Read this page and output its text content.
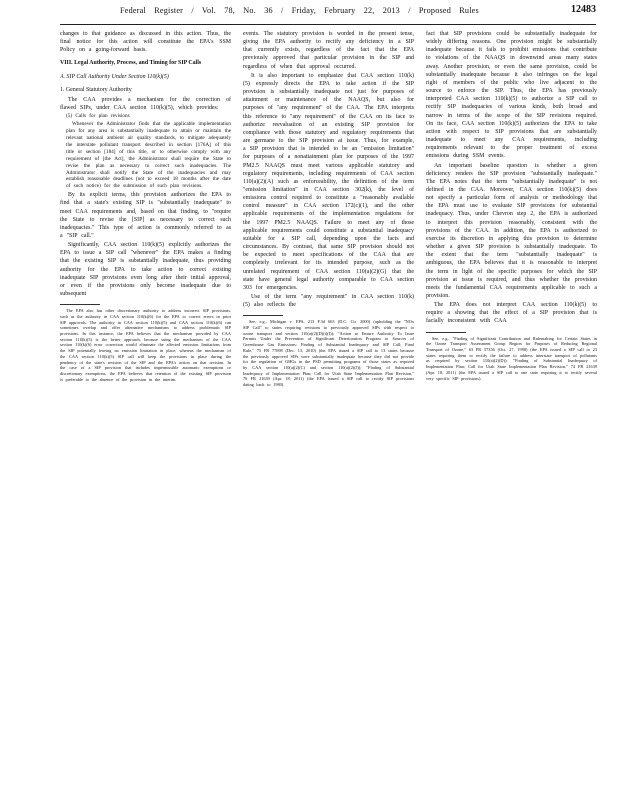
Federal Register / Vol. 78, No. 36 / Friday, February 22, 2013 / Proposed Rules	12483

changes to that guidance as discussed in this action. Thus, the final notice for this action will constitute the EPA's SSM Policy on a going-forward basis.

VIII. Legal Authority, Process, and Timing for SIP Calls
A. SIP Call Authority Under Section 110(k)(5)
1. General Statutory Authority

The CAA provides a mechanism for the correction of flawed SIPs, under CAA section 110(k)(5), which provides:

(5) Calls for plan revisions

Whenever the Administrator finds that the applicable implementation plan for any area is substantially inadequate to attain or maintain the relevant national ambient air quality standards, to mitigate adequately the interstate pollutant transport described in section [176A] of this title or section [184] of this title, or to otherwise comply with any requirement of [the Act], the Administrator shall require the State to revise the plan as necessary to correct such inadequacies. The Administrator shall notify the State of the inadequacies and may establish reasonable deadlines (not to exceed 18 months after the date of such notice) for the submission of such plan revisions.

By its explicit terms, this provision authorizes the EPA to find that a state's existing SIP is "substantially inadequate" to meet CAA requirements and, based on that finding, to "require the State to revise the [SIP] as necessary to correct such inadequacies." This type of action is commonly referred to as a "SIP call."

Significantly, CAA section 110(k)(5) explicitly authorizes the EPA to issue a SIP call "whenever" the EPA makes a finding that the existing SIP is substantially inadequate, thus providing authority for the EPA to take action to correct existing inadequate SIP provisions even long after their initial approval, or even if the provisions only become inadequate due to subsequent

The EPA also has other discretionary authority to address incorrect SIP provisions, such as the authority in CAA section 110(k)(6) for the EPA to correct errors in prior SIP approvals. The authority in CAA section 110(k)(5) and CAA section 110(k)(6) can sometimes overlap and offer alternative mechanisms to address problematic SIP provisions. In this instance, the EPA believes that the mechanism provided by CAA section 110(k)(5) is the better approach, because using the mechanism of the CAA section 110(k)(6) error correction would eliminate the affected emission limitations from the SIP potentially leaving no emission limitation in place, whereas the mechanism of the CAA section 110(k)(5) SIP call will keep the provisions in place during the pendency of the state's revision of the SIP and the EPA's action on that revision. In the case of a SIP provision that includes impermissible automatic exemptions or discretionary exemptions, the EPA believes that retention of the existing SIP provision is preferable to the absence of the provision in the interim.

events. The statutory provision is worded in the present tense, giving the EPA authority to rectify any deficiency in a SIP that currently exists, regardless of the fact that the EPA previously approved that particular provision in the SIP and regardless of when that approval occurred.

It is also important to emphasize that CAA section 110(k)(5) expressly directs the EPA to take action if the SIP provision is substantially inadequate not just for purposes of attainment or maintenance of the NAAQS, but also for purposes of "any requirement" of the CAA. The EPA interprets this reference to "any requirement" of the CAA on its face to authorize reevaluation of an existing SIP provision for compliance with those statutory and regulatory requirements that are germane to the SIP provision at issue. Thus, for example, a SIP provision that is intended to be an "emission limitation" for purposes of a nonattainment plan for purposes of the 1997 PM2.5 NAAQS must meet various applicable statutory and regulatory requirements, including requirements of CAA section 110(a)(2)(A) such as enforceability, the definition of the term "emission limitation" in CAA section 302(k), the level of emissions control required to constitute a "reasonably available control measure" in CAA section 172(c)(1), and the other applicable requirements of the implementation regulations for the 1997 PM2.5 NAAQS. Failure to meet any of those applicable requirements could constitute a substantial inadequacy suitable for a SIP call, depending upon the facts and circumstances. By contrast, that same SIP provision should not be expected to meet specifications of the CAA that are completely irrelevant for its intended purpose, such as the unrelated requirement of CAA section 110(a)(2)(G) that the state have general legal authority comparable to CAA section 303 for emergencies.

Use of the term "any requirement" in CAA section 110(k)(5) also reflects the

See, e.g., Michigan v. EPA, 213 F.3d 663 (D.C. Cir. 2000) (upholding the "NOx SIP Call" to states requiring revisions to previously approved SIPs with respect to ozone transport and section 110(a)(2)(D)(i)(I)); "Action to Ensure Authority To Issue Permits Under the Prevention of Significant Deterioration Program to Sources of Greenhouse Gas Emissions: Finding of Substantial Inadequacy and SIP Call; Final Rule," 75 FR 77698 (Dec. 13, 2010) (the EPA issued a SIP call to 13 states because the previously approved SIPs were substantially inadequate because they did not provide for the regulation of GHGs in the PSD permitting programs of those states as required by CAA section 110(a)(2)(C) and section 110(a)(2)(J)); "Finding of Substantial Inadequacy of Implementation Plan; Call for Utah State Implementation Plan Revision," 76 FR 21639 (Apr. 18, 2011) (the EPA issued a SIP call to rectify SIP provisions dating back to 1980).

fact that SIP provisions could be substantially inadequate for widely differing reasons. One provision might be substantially inadequate because it fails to prohibit emissions that contribute to violations of the NAAQS in downwind areas many states away. Another provision, or even the same provision, could be substantially inadequate because it also infringes on the legal right of members of the public who live adjacent to the source to enforce the SIP. Thus, the EPA has previously interpreted CAA section 110(k)(5) to authorize a SIP call to rectify SIP inadequacies of various kinds, both broad and narrow in terms of the scope of the SIP revisions required. On its face, CAA section 110(k)(5) authorizes the EPA to take action with respect to SIP provisions that are substantially inadequate to meet any CAA requirements, including requirements relevant to the proper treatment of excess emissions during SSM events.

An important baseline question is whether a given deficiency renders the SIP provision "substantially inadequate." The EPA notes that the term "substantially inadequate" is not defined in the CAA. Moreover, CAA section 110(k)(5) does not specify a particular form of analysis or methodology that the EPA must use to evaluate SIP provisions for substantial inadequacy. Thus, under Chevron step 2, the EPA is authorized to interpret this provision reasonably, consistent with the provisions of the CAA. In addition, the EPA is authorized to exercise its discretion in applying this provision to determine whether a given SIP provision is substantially inadequate. To the extent that the term "substantially inadequate" is ambiguous, the EPA believes that it is reasonable to interpret the term in light of the specific purposes for which the SIP provision at issue is required, and thus whether the provision meets the fundamental CAA requirements applicable to such a provision.

The EPA does not interpret CAA section 110(k)(5) to require a showing that the effect of a SIP provision that is facially inconsistent with CAA

See, e.g., "Finding of Significant Contribution and Rulemaking for Certain States in the Ozone Transport Assessment Group Region for Purposes of Reducing Regional Transport of Ozone," 63 FR 57356 (Oct. 27, 1998) (the EPA issued a SIP call to 23 states requiring them to rectify the failure to address interstate transport of pollutants as required by section 110(a)(2)(D)); "Finding of Substantial Inadequacy of Implementation Plan; Call for Utah State Implementation Plan Revision," 74 FR 21639 (Apr. 18, 2011) (the EPA issued a SIP call to one state requiring it to rectify several very specific SIP provisions).
